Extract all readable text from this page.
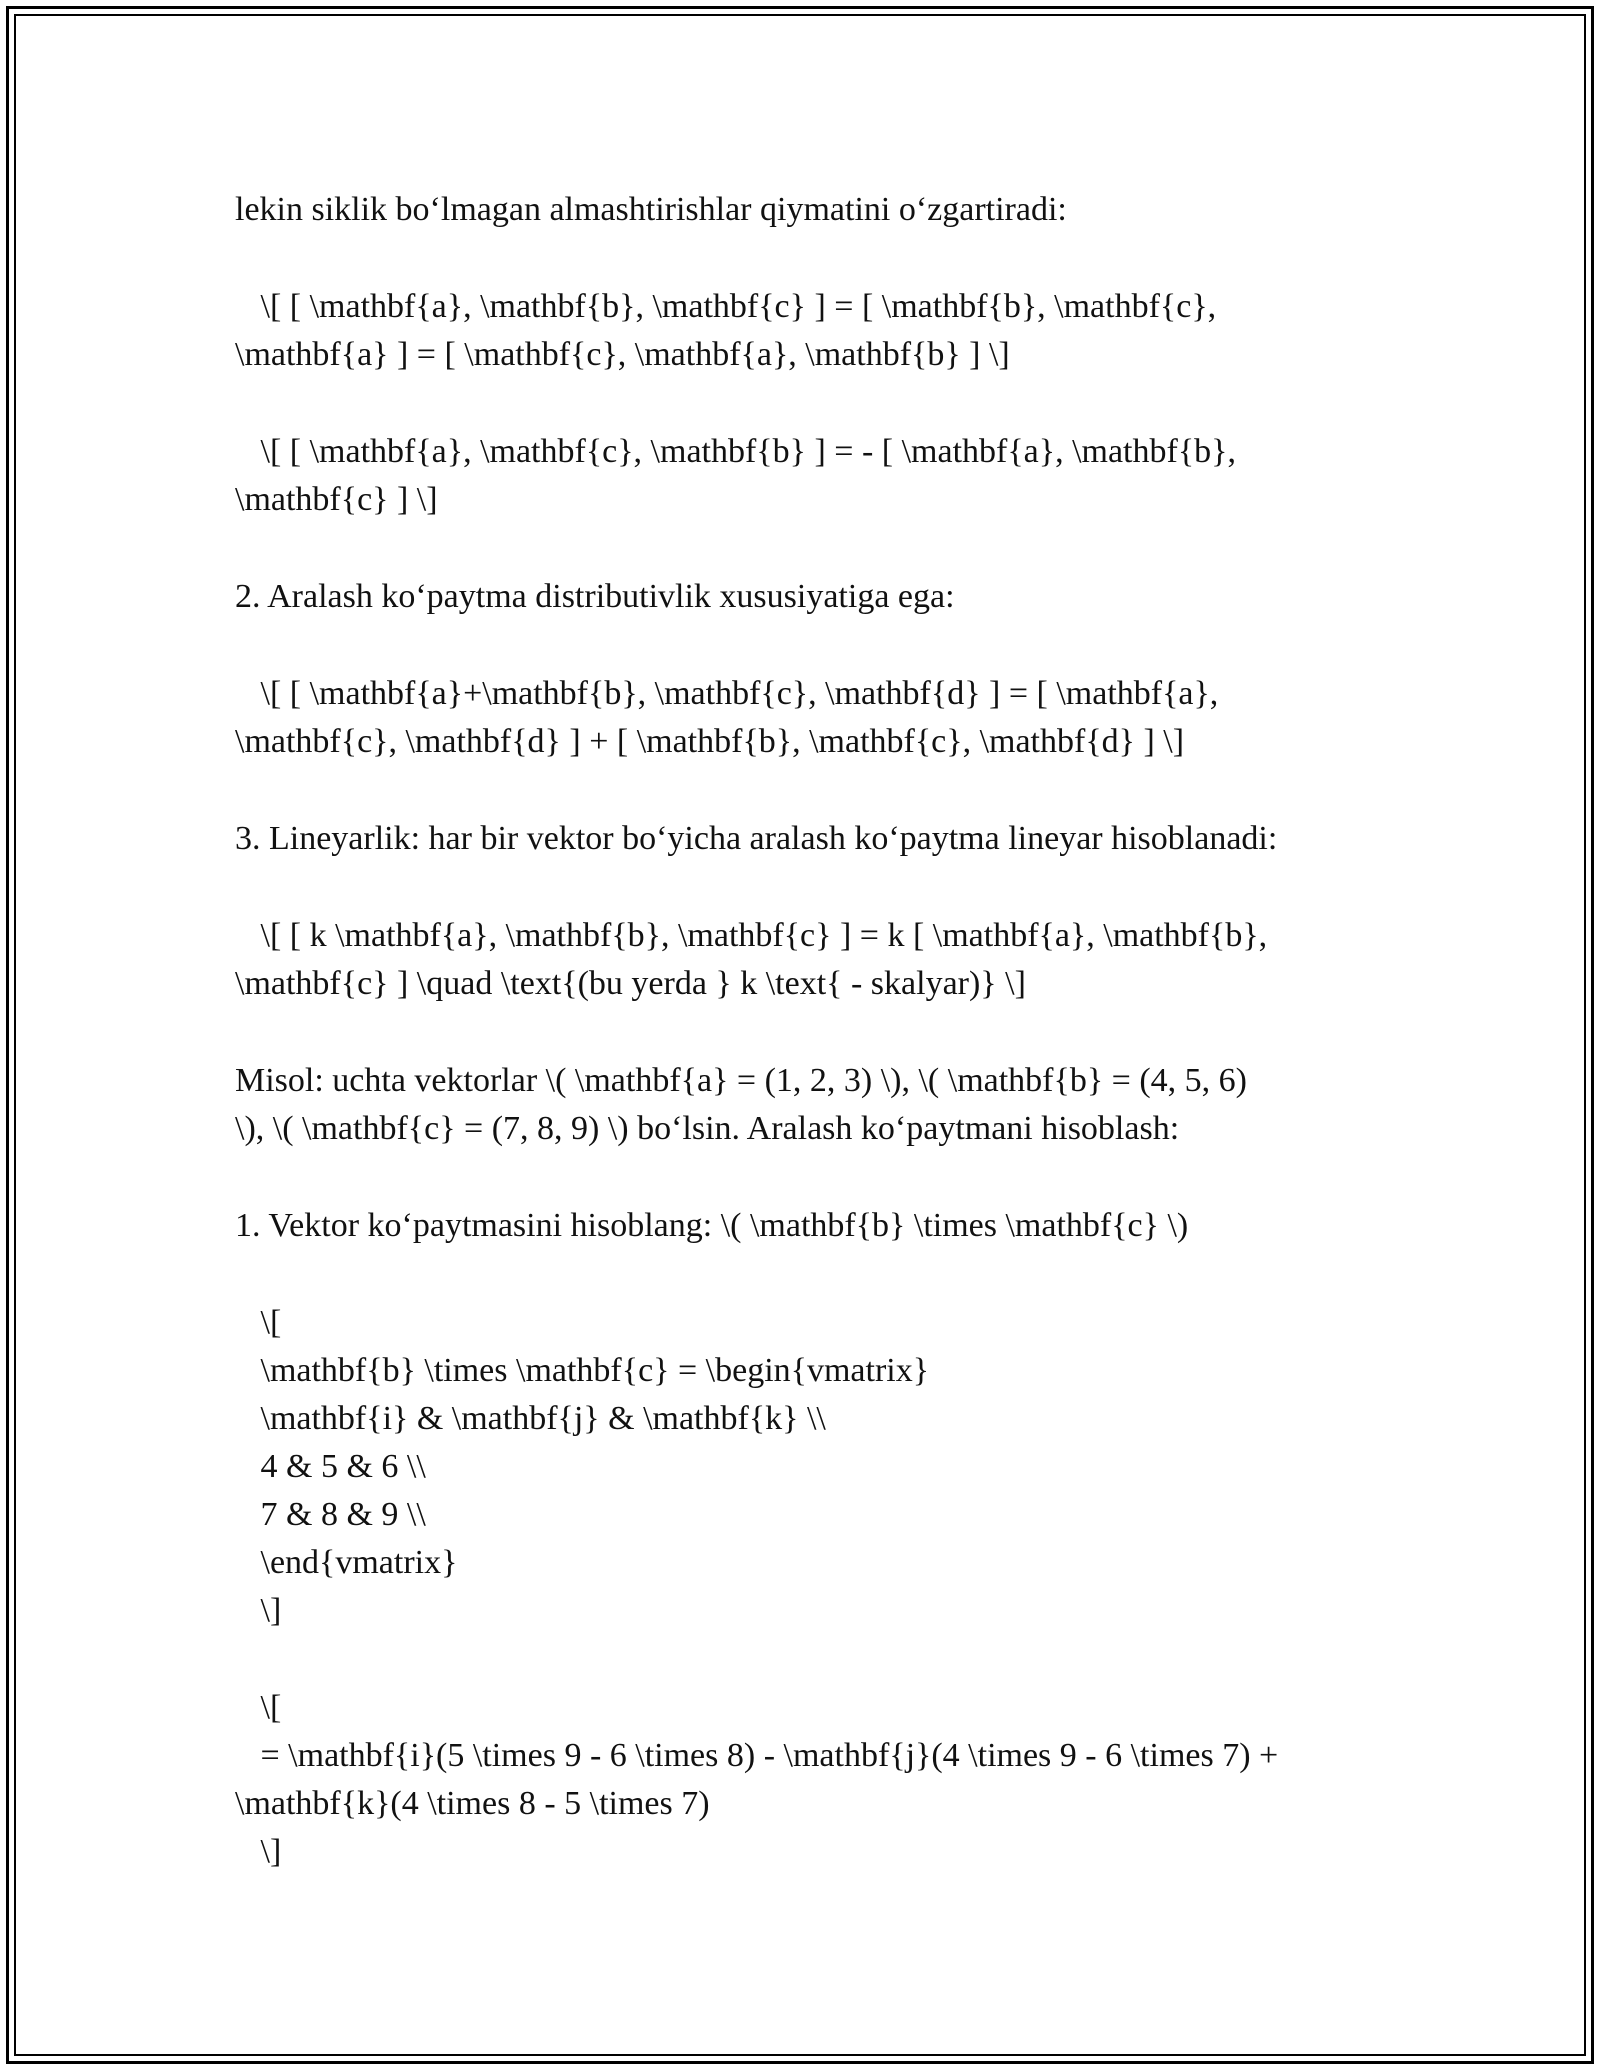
lekin siklik bo‘lmagan almashtirishlar qiymatini o‘zgartiradi:
\[ [ \mathbf{a}, \mathbf{b}, \mathbf{c} ] = [ \mathbf{b}, \mathbf{c},
\mathbf{a} ] = [ \mathbf{c}, \mathbf{a}, \mathbf{b} ] \]
\[ [ \mathbf{a}, \mathbf{c}, \mathbf{b} ] = - [ \mathbf{a}, \mathbf{b},
\mathbf{c} ] \]
2. Aralash ko‘paytma distributivlik xususiyatiga ega:
\[ [ \mathbf{a}+\mathbf{b}, \mathbf{c}, \mathbf{d} ] = [ \mathbf{a},
\mathbf{c}, \mathbf{d} ] + [ \mathbf{b}, \mathbf{c}, \mathbf{d} ] \]
3. Lineyarlik: har bir vektor bo‘yicha aralash ko‘paytma lineyar hisoblanadi:
\[ [ k \mathbf{a}, \mathbf{b}, \mathbf{c} ] = k [ \mathbf{a}, \mathbf{b},
\mathbf{c} ] \quad \text{(bu yerda } k \text{ - skalyar)} \]
Misol: uchta vektorlar \( \mathbf{a} = (1, 2, 3) \), \( \mathbf{b} = (4, 5, 6)
\), \( \mathbf{c} = (7, 8, 9) \) bo‘lsin. Aralash ko‘paytmani hisoblash:
1. Vektor ko‘paytmasini hisoblang: \( \mathbf{b} \times \mathbf{c} \)
\[
\mathbf{b} \times \mathbf{c} = \begin{vmatrix}
\mathbf{i} & \mathbf{j} & \mathbf{k} \\
4 & 5 & 6 \\
7 & 8 & 9 \\
\end{vmatrix}
\]
\[
= \mathbf{i}(5 \times 9 - 6 \times 8) - \mathbf{j}(4 \times 9 - 6 \times 7) +
\mathbf{k}(4 \times 8 - 5 \times 7)
\]
